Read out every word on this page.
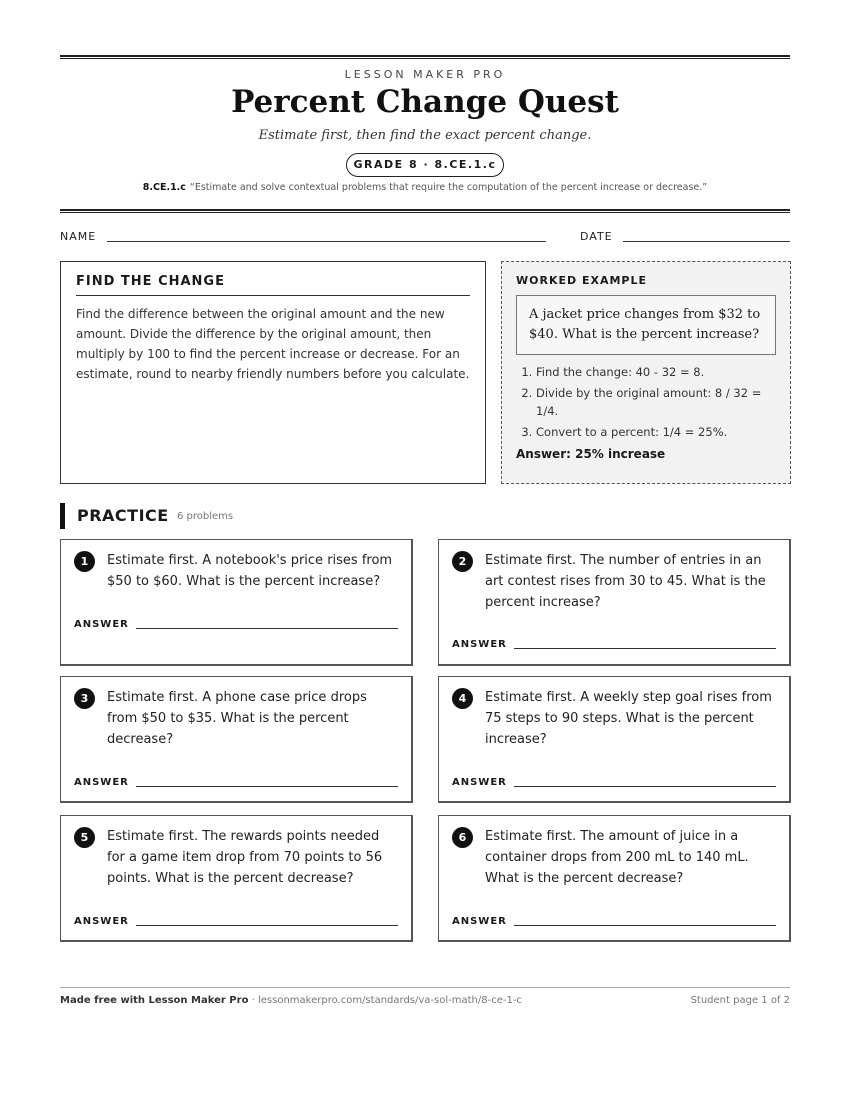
LESSON MAKER PRO
Percent Change Quest
Estimate first, then find the exact percent change.
GRADE 8 · 8.CE.1.c
8.CE.1.c “Estimate and solve contextual problems that require the computation of the percent increase or decrease.”
NAME	DATE
FIND THE CHANGE

Find the difference between the original amount and the new amount. Divide the difference by the original amount, then multiply by 100 to find the percent increase or decrease. For an estimate, round to nearby friendly numbers before you calculate.

WORKED EXAMPLE
A jacket price changes from $32 to $40. What is the percent increase?
1. Find the change: 40 - 32 = 8.
2. Divide by the original amount: 8 / 32 = 1/4.
3. Convert to a percent: 1/4 = 25%.
Answer: 25% increase
PRACTICE 6 problems
1	Estimate first. A notebook's price rises from $50 to $60. What is the percent increase?
ANSWER
2	Estimate first. The number of entries in an art contest rises from 30 to 45. What is the percent increase?
ANSWER
3	Estimate first. A phone case price drops from $50 to $35. What is the percent decrease?
ANSWER
4	Estimate first. A weekly step goal rises from 75 steps to 90 steps. What is the percent increase?
ANSWER
5	Estimate first. The rewards points needed for a game item drop from 70 points to 56 points. What is the percent decrease?
ANSWER
6	Estimate first. The amount of juice in a container drops from 200 mL to 140 mL. What is the percent decrease?
ANSWER
Made free with Lesson Maker Pro · lessonmakerpro.com/standards/va-sol-math/8-ce-1-c	Student page 1 of 2
